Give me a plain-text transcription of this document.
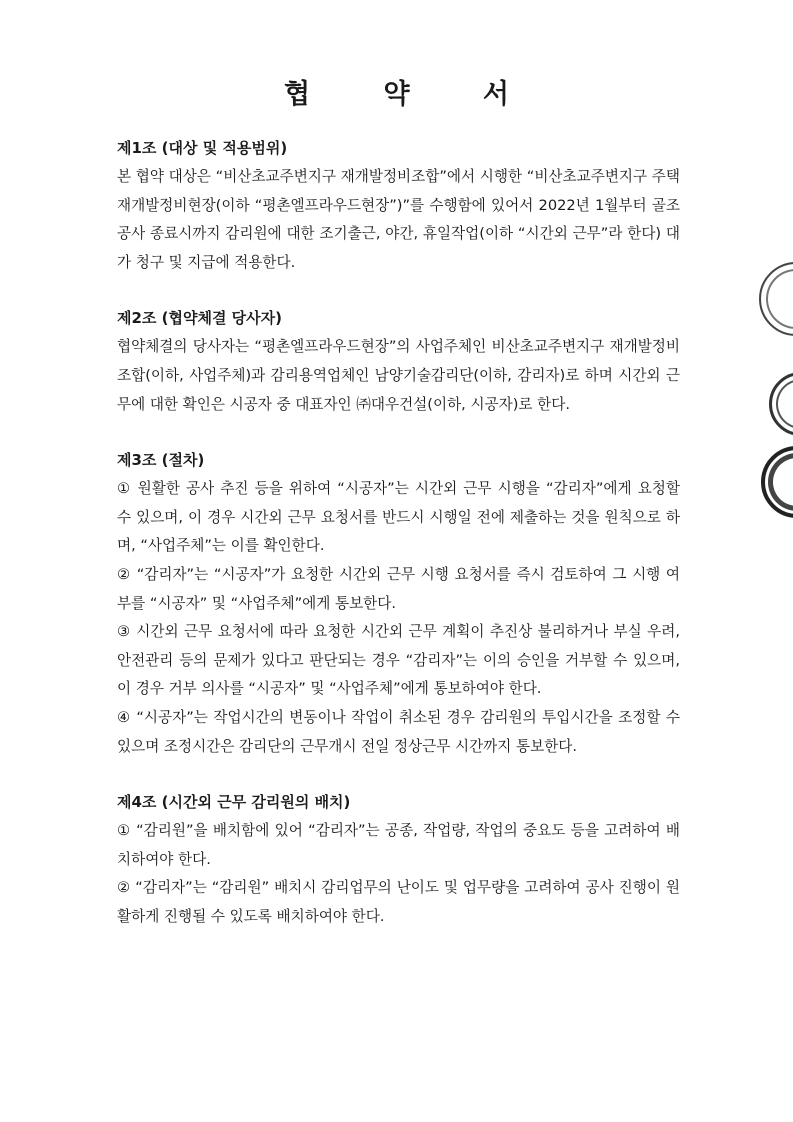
협 약 서

제1조 (대상 및 적용범위)

본 협약 대상은 “비산초교주변지구 재개발정비조합”에서 시행한 “비산초교주변지구 주택재개발정비현장(이하 “평촌엘프라우드현장”)”를 수행함에 있어서 2022년 1월부터 골조공사 종료시까지 감리원에 대한 조기출근, 야간, 휴일작업(이하 “시간외 근무”라 한다) 대가 청구 및 지급에 적용한다.

제2조 (협약체결 당사자)

협약체결의 당사자는 “평촌엘프라우드현장”의 사업주체인 비산초교주변지구 재개발정비조합(이하, 사업주체)과 감리용역업체인 남양기술감리단(이하, 감리자)로 하며 시간외 근무에 대한 확인은 시공자 중 대표자인 ㈜대우건설(이하, 시공자)로 한다.

제3조 (절차)

① 원활한 공사 추진 등을 위하여 “시공자”는 시간외 근무 시행을 “감리자”에게 요청할 수 있으며, 이 경우 시간외 근무 요청서를 반드시 시행일 전에 제출하는 것을 원칙으로 하며, “사업주체”는 이를 확인한다.

② “감리자”는 “시공자”가 요청한 시간외 근무 시행 요청서를 즉시 검토하여 그 시행 여부를 “시공자” 및 “사업주체”에게 통보한다.

③ 시간외 근무 요청서에 따라 요청한 시간외 근무 계획이 추진상 불리하거나 부실 우려, 안전관리 등의 문제가 있다고 판단되는 경우 “감리자”는 이의 승인을 거부할 수 있으며, 이 경우 거부 의사를 “시공자” 및 “사업주체”에게 통보하여야 한다.

④ “시공자”는 작업시간의 변동이나 작업이 취소된 경우 감리원의 투입시간을 조정할 수 있으며 조정시간은 감리단의 근무개시 전일 정상근무 시간까지 통보한다.

제4조 (시간외 근무 감리원의 배치)

① “감리원”을 배치함에 있어 “감리자”는 공종, 작업량, 작업의 중요도 등을 고려하여 배치하여야 한다.

② “감리자”는 “감리원” 배치시 감리업무의 난이도 및 업무량을 고려하여 공사 진행이 원활하게 진행될 수 있도록 배치하여야 한다.
